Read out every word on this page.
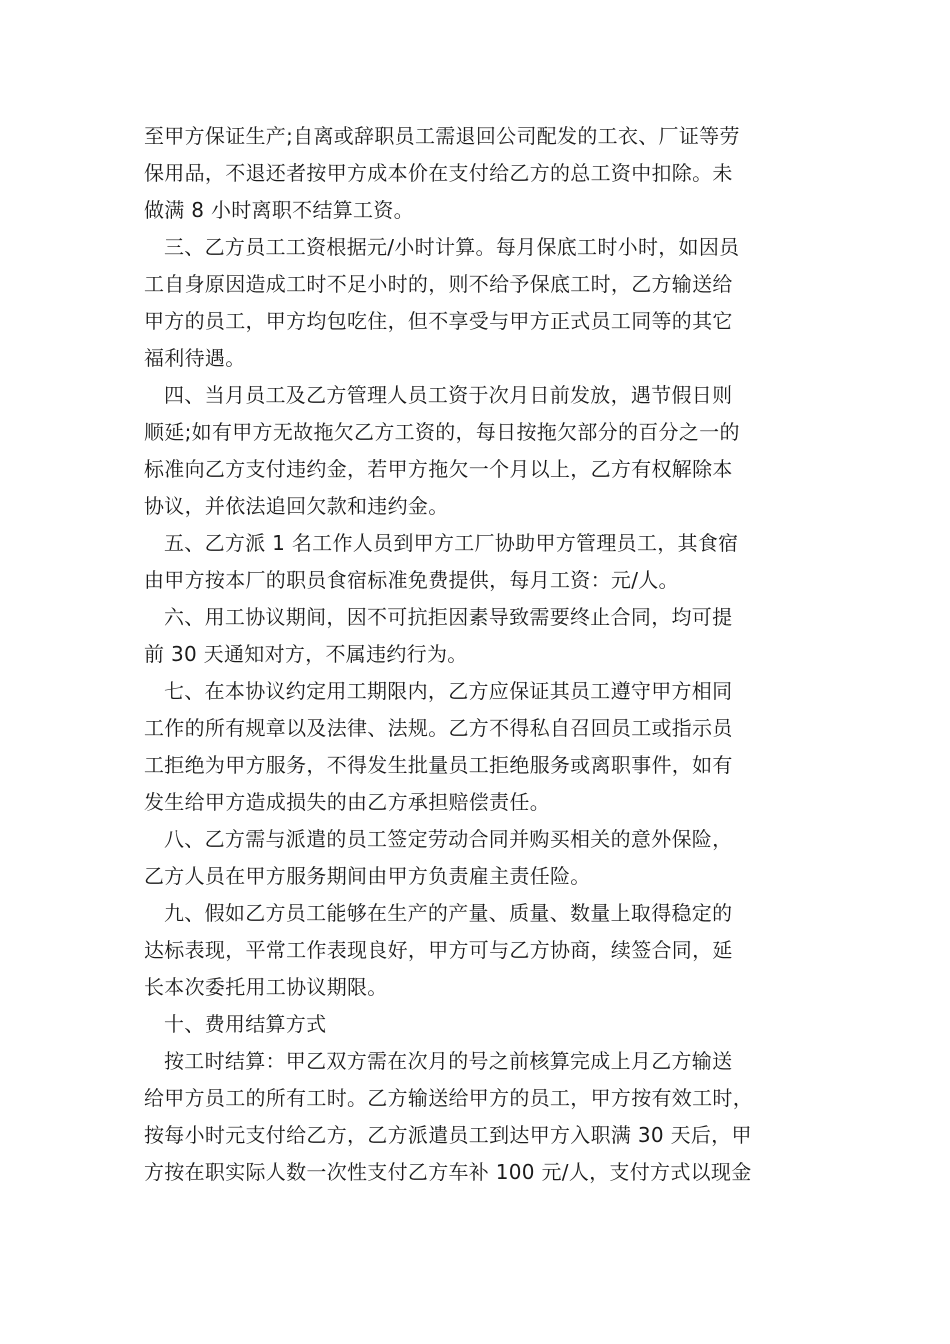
至甲方保证生产;自离或辞职员工需退回公司配发的工衣、厂证等劳
保用品，不退还者按甲方成本价在支付给乙方的总工资中扣除。未
做满 8 小时离职不结算工资。
三、乙方员工工资根据元/小时计算。每月保底工时小时，如因员
工自身原因造成工时不足小时的，则不给予保底工时，乙方输送给
甲方的员工，甲方均包吃住，但不享受与甲方正式员工同等的其它
福利待遇。
四、当月员工及乙方管理人员工资于次月日前发放，遇节假日则
顺延;如有甲方无故拖欠乙方工资的，每日按拖欠部分的百分之一的
标准向乙方支付违约金，若甲方拖欠一个月以上，乙方有权解除本
协议，并依法追回欠款和违约金。
五、乙方派 1 名工作人员到甲方工厂协助甲方管理员工，其食宿
由甲方按本厂的职员食宿标准免费提供，每月工资：元/人。
六、用工协议期间，因不可抗拒因素导致需要终止合同，均可提
前 30 天通知对方，不属违约行为。
七、在本协议约定用工期限内，乙方应保证其员工遵守甲方相同
工作的所有规章以及法律、法规。乙方不得私自召回员工或指示员
工拒绝为甲方服务，不得发生批量员工拒绝服务或离职事件，如有
发生给甲方造成损失的由乙方承担赔偿责任。
八、乙方需与派遣的员工签定劳动合同并购买相关的意外保险，
乙方人员在甲方服务期间由甲方负责雇主责任险。
九、假如乙方员工能够在生产的产量、质量、数量上取得稳定的
达标表现，平常工作表现良好，甲方可与乙方协商，续签合同，延
长本次委托用工协议期限。
十、费用结算方式
按工时结算：甲乙双方需在次月的号之前核算完成上月乙方输送
给甲方员工的所有工时。乙方输送给甲方的员工，甲方按有效工时，
按每小时元支付给乙方，乙方派遣员工到达甲方入职满 30 天后，甲
方按在职实际人数一次性支付乙方车补 100 元/人，支付方式以现金
